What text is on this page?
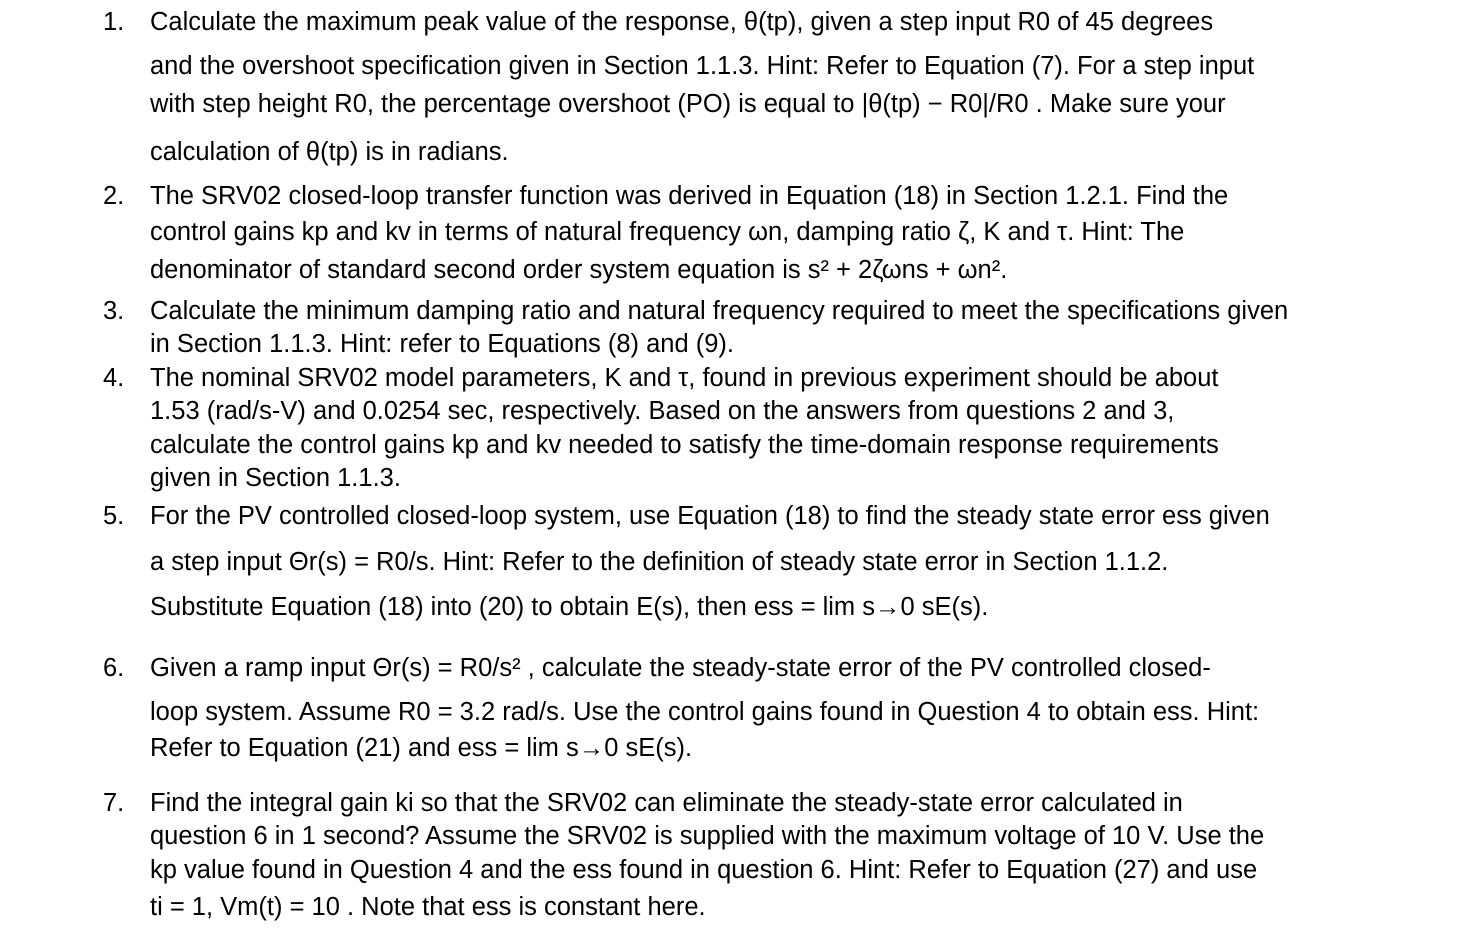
1.	Calculate the maximum peak value of the response, θ(tp), given a step input R0 of 45 degrees
and the overshoot specification given in Section 1.1.3. Hint: Refer to Equation (7). For a step input
with step height R0, the percentage overshoot (PO) is equal to |θ(tp) − R0|/R0 . Make sure your
calculation of θ(tp) is in radians.
2.	The SRV02 closed-loop transfer function was derived in Equation (18) in Section 1.2.1. Find the
control gains kp and kv in terms of natural frequency ωn, damping ratio ζ, K and τ. Hint: The
denominator of standard second order system equation is s² + 2ζωns + ωn².
3.	Calculate the minimum damping ratio and natural frequency required to meet the specifications given
in Section 1.1.3. Hint: refer to Equations (8) and (9).
4.	The nominal SRV02 model parameters, K and τ, found in previous experiment should be about
1.53 (rad/s-V) and 0.0254 sec, respectively. Based on the answers from questions 2 and 3,
calculate the control gains kp and kv needed to satisfy the time-domain response requirements
given in Section 1.1.3.
5.	For the PV controlled closed-loop system, use Equation (18) to find the steady state error ess given
a step input Θr(s) = R0/s. Hint: Refer to the definition of steady state error in Section 1.1.2.
Substitute Equation (18) into (20) to obtain E(s), then ess = lim s→0 sE(s).
6.	Given a ramp input Θr(s) = R0/s² , calculate the steady-state error of the PV controlled closed-
loop system. Assume R0 = 3.2 rad/s. Use the control gains found in Question 4 to obtain ess. Hint:
Refer to Equation (21) and ess = lim s→0 sE(s).
7.	Find the integral gain ki so that the SRV02 can eliminate the steady-state error calculated in
question 6 in 1 second? Assume the SRV02 is supplied with the maximum voltage of 10 V. Use the
kp value found in Question 4 and the ess found in question 6. Hint: Refer to Equation (27) and use
ti = 1, Vm(t) = 10 . Note that ess is constant here.
